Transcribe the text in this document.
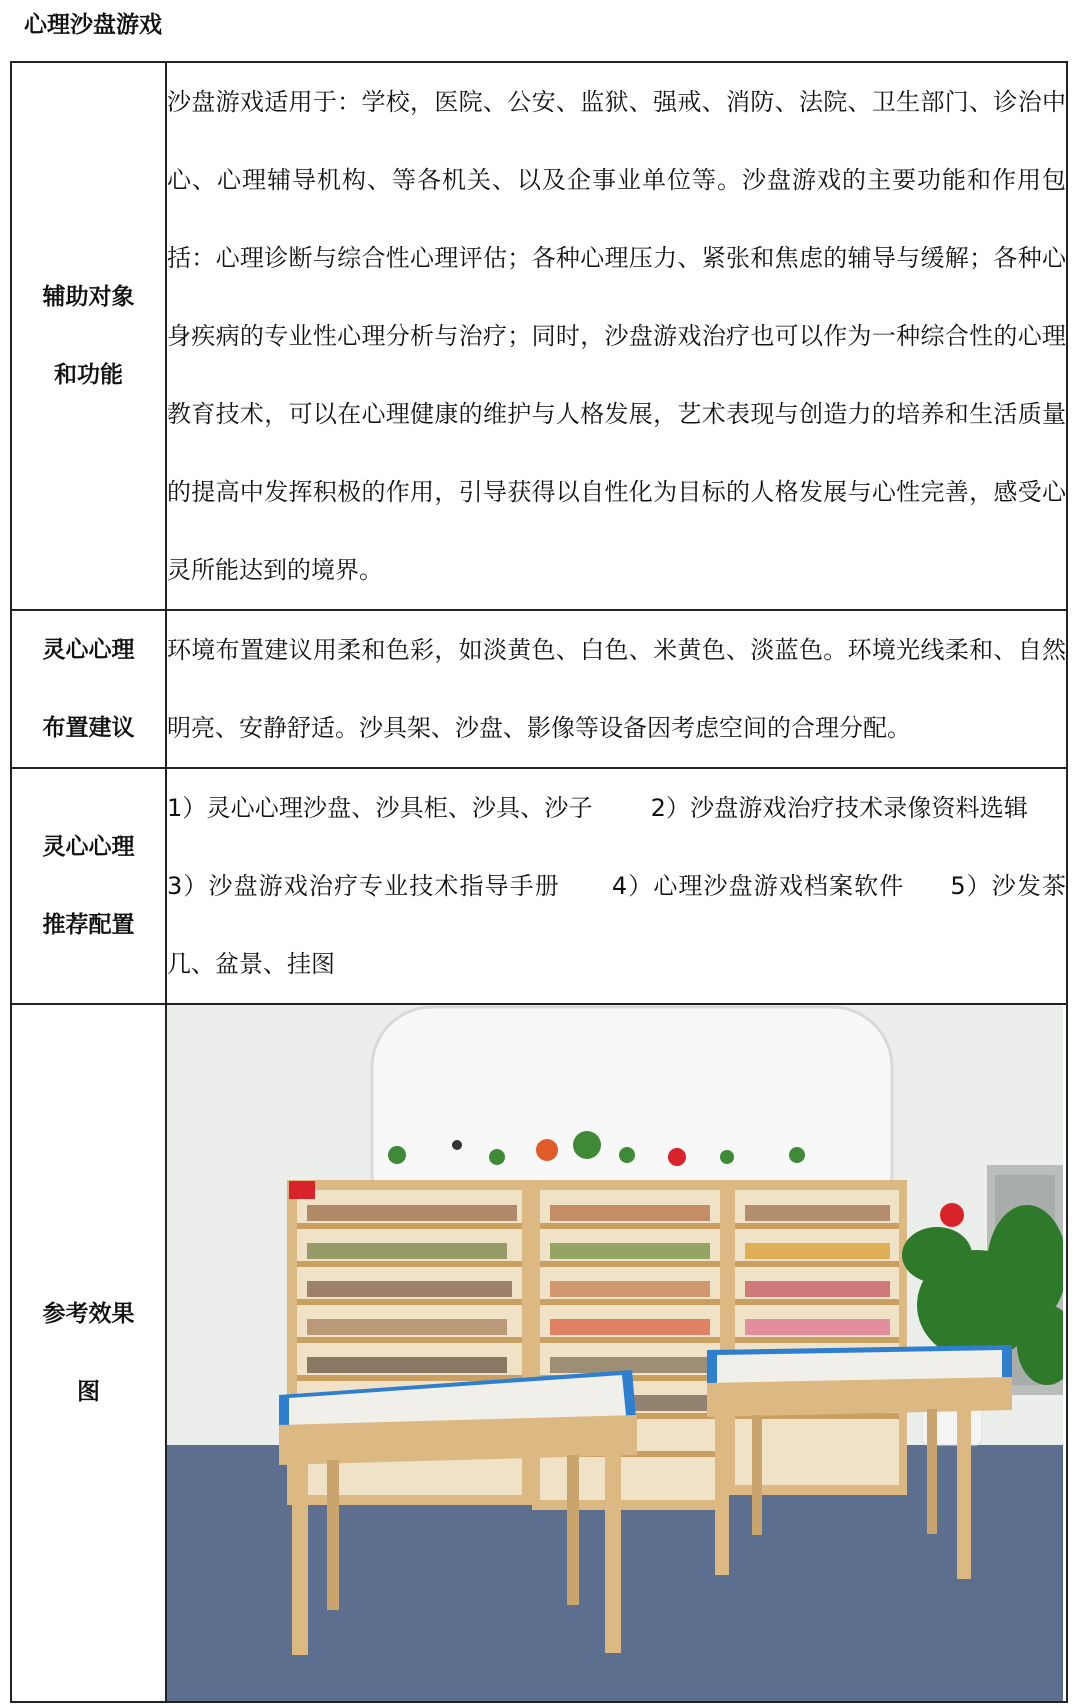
心理沙盘游戏
辅助对象
和功能	沙盘游戏适用于：学校，医院、公安、监狱、强戒、消防、法院、卫生部门、诊治中心、心理辅导机构、等各机关、以及企事业单位等。沙盘游戏的主要功能和作用包括：心理诊断与综合性心理评估；各种心理压力、紧张和焦虑的辅导与缓解；各种心身疾病的专业性心理分析与治疗；同时，沙盘游戏治疗也可以作为一种综合性的心理教育技术，可以在心理健康的维护与人格发展，艺术表现与创造力的培养和生活质量的提高中发挥积极的作用，引导获得以自性化为目标的人格发展与心性完善，感受心灵所能达到的境界。

灵心心理
布置建议	环境布置建议用柔和色彩，如淡黄色、白色、米黄色、淡蓝色。环境光线柔和、自然明亮、安静舒适。沙具架、沙盘、影像等设备因考虑空间的合理分配。

灵心心理
推荐配置	1）灵心心理沙盘、沙具柜、沙具、沙子 2）沙盘游戏治疗技术录像资料选辑3）沙盘游戏治疗专业技术指导手册 4）心理沙盘游戏档案软件 5）沙发茶几、盆景、挂图

参考效果
图
